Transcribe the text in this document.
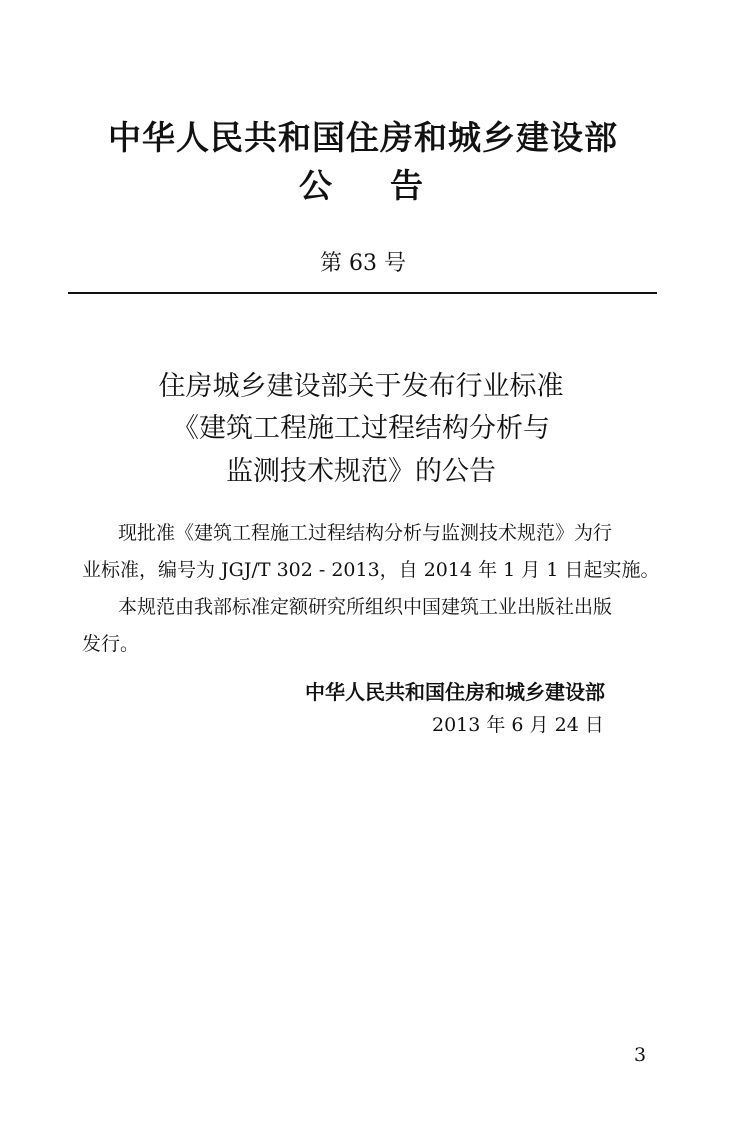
中华人民共和国住房和城乡建设部
公告
第 63 号
住房城乡建设部关于发布行业标准
《建筑工程施工过程结构分析与
监测技术规范》的公告
现批准《建筑工程施工过程结构分析与监测技术规范》为行
业标准，编号为 JGJ/T 302 - 2013，自 2014 年 1 月 1 日起实施。
本规范由我部标准定额研究所组织中国建筑工业出版社出版
发行。
中华人民共和国住房和城乡建设部
2013 年 6 月 24 日
3
